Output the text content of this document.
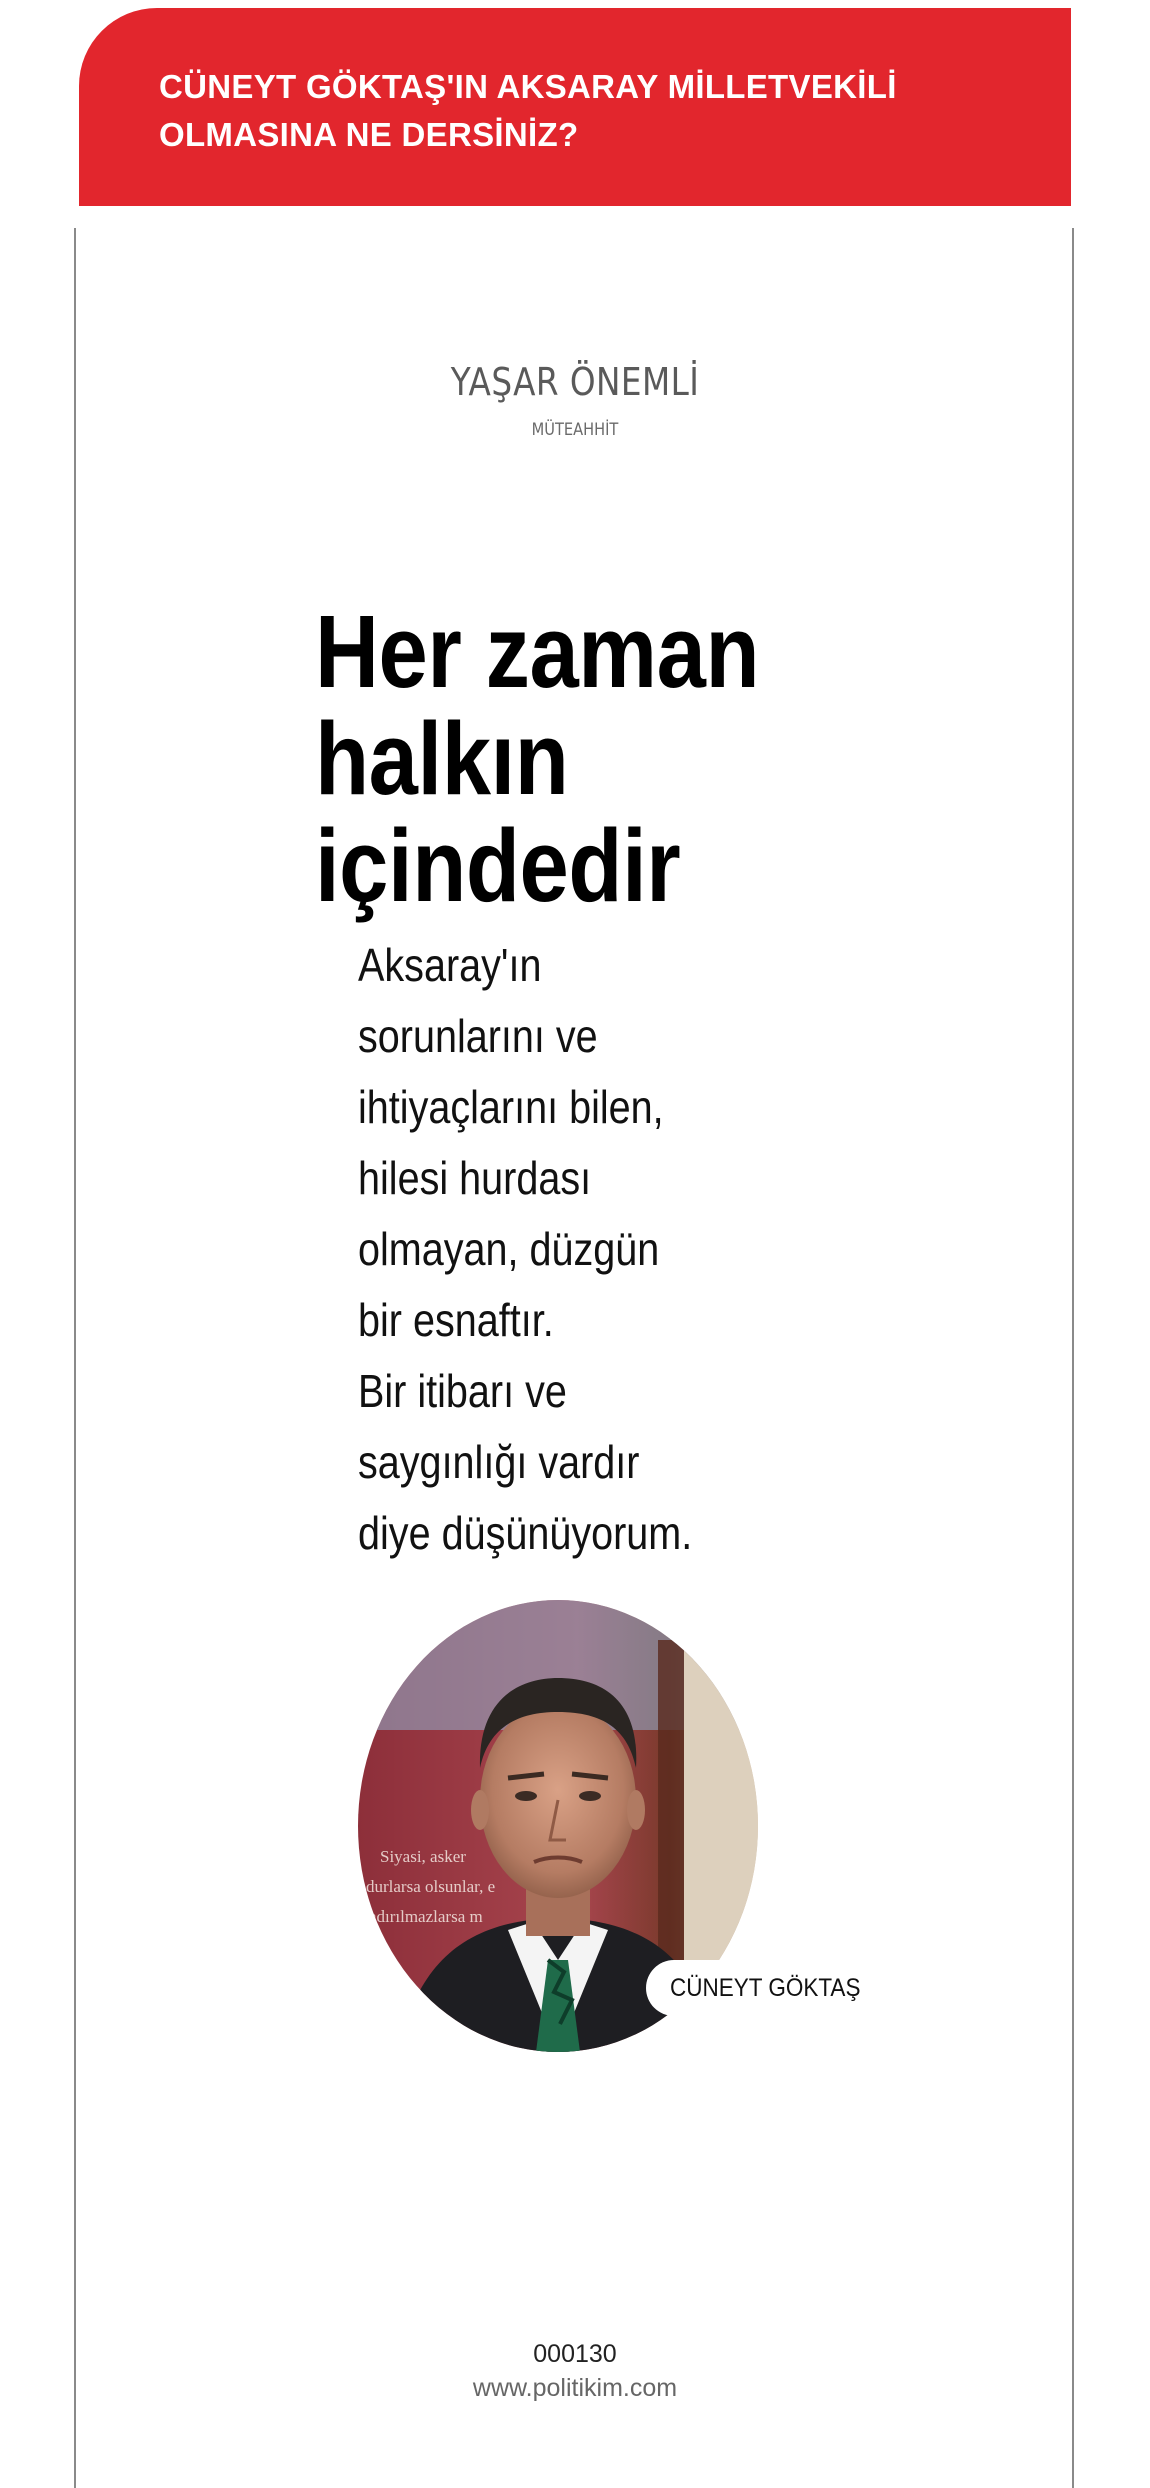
CÜNEYT GÖKTAŞ'IN AKSARAY MİLLETVEKİLİ OLMASINA NE DERSİNİZ?
YAŞAR ÖNEMLİ
MÜTEAHHİT
Her zaman
halkın
içindedir
Aksaray'ın
sorunlarını ve
ihtiyaçlarını bilen,
hilesi hurdası
olmayan, düzgün
bir esnaftır.
Bir itibarı ve
saygınlığı vardır
diye düşünüyorum.
Siyasi, asker
durlarsa olsunlar, e
ndırılmazlarsa m
CÜNEYT GÖKTAŞ
000130
www.politikim.com
